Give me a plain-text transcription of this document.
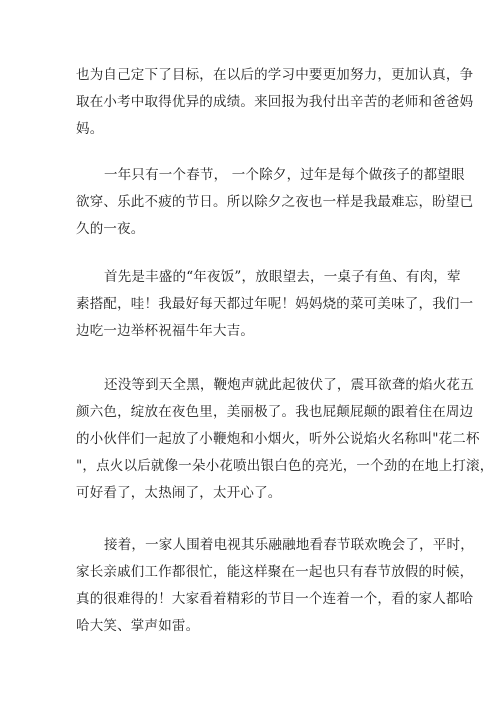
也为自己定下了目标，在以后的学习中要更加努力，更加认真，争
取在小考中取得优异的成绩。来回报为我付出辛苦的老师和爸爸妈
妈。

一年只有一个春节， 一个除夕，过年是每个做孩子的都望眼
欲穿、乐此不疲的节日。所以除夕之夜也一样是我最难忘，盼望已
久的一夜。

首先是丰盛的“年夜饭”，放眼望去，一桌子有鱼、有肉，荤
素搭配，哇！我最好每天都过年呢！妈妈烧的菜可美味了，我们一
边吃一边举杯祝福牛年大吉。

还没等到天全黑，鞭炮声就此起彼伏了，震耳欲聋的焰火花五
颜六色，绽放在夜色里，美丽极了。我也屁颠屁颠的跟着住在周边
的小伙伴们一起放了小鞭炮和小烟火，听外公说焰火名称叫"花二杯
"，点火以后就像一朵小花喷出银白色的亮光，一个劲的在地上打滚，
可好看了，太热闹了，太开心了。

接着，一家人围着电视其乐融融地看春节联欢晚会了，平时，
家长亲戚们工作都很忙，能这样聚在一起也只有春节放假的时候，
真的很难得的！大家看着精彩的节目一个连着一个，看的家人都哈
哈大笑、掌声如雷。
